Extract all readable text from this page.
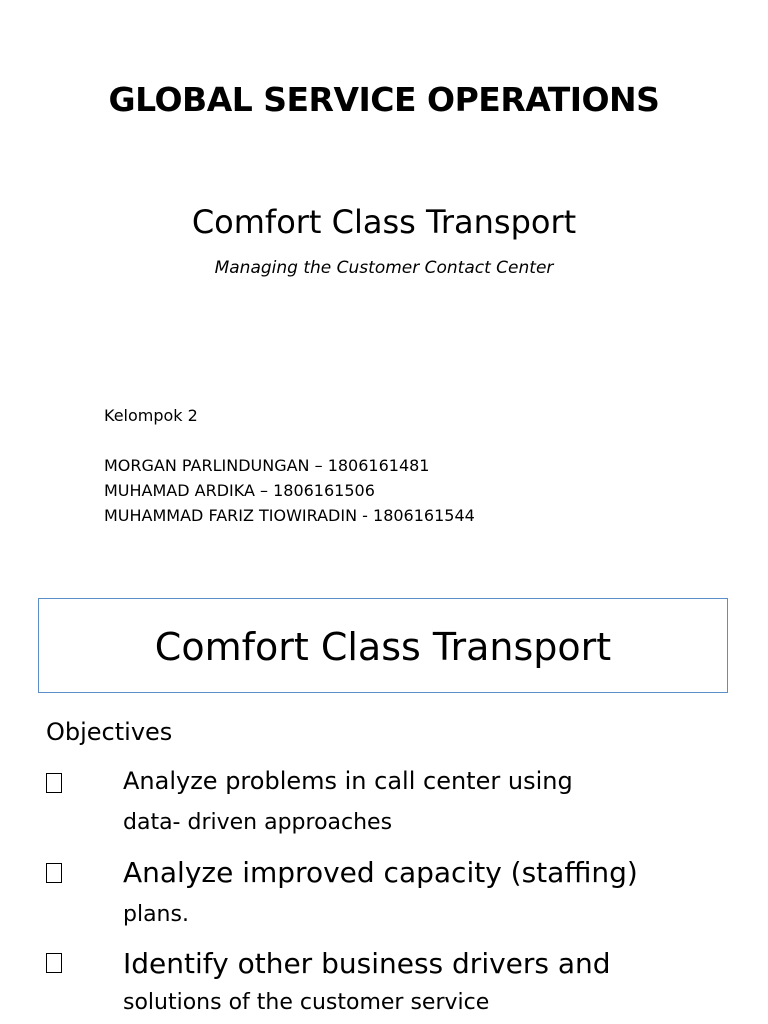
GLOBAL SERVICE OPERATIONS
Comfort Class Transport
Managing the Customer Contact Center
Kelompok 2
MORGAN PARLINDUNGAN – 1806161481
MUHAMAD ARDIKA – 1806161506
MUHAMMAD FARIZ TIOWIRADIN - 1806161544
Comfort Class Transport
Objectives
Analyze problems in call center using
data- driven approaches
Analyze improved capacity (staffing)
plans.
Identify other business drivers and
solutions of the customer service
